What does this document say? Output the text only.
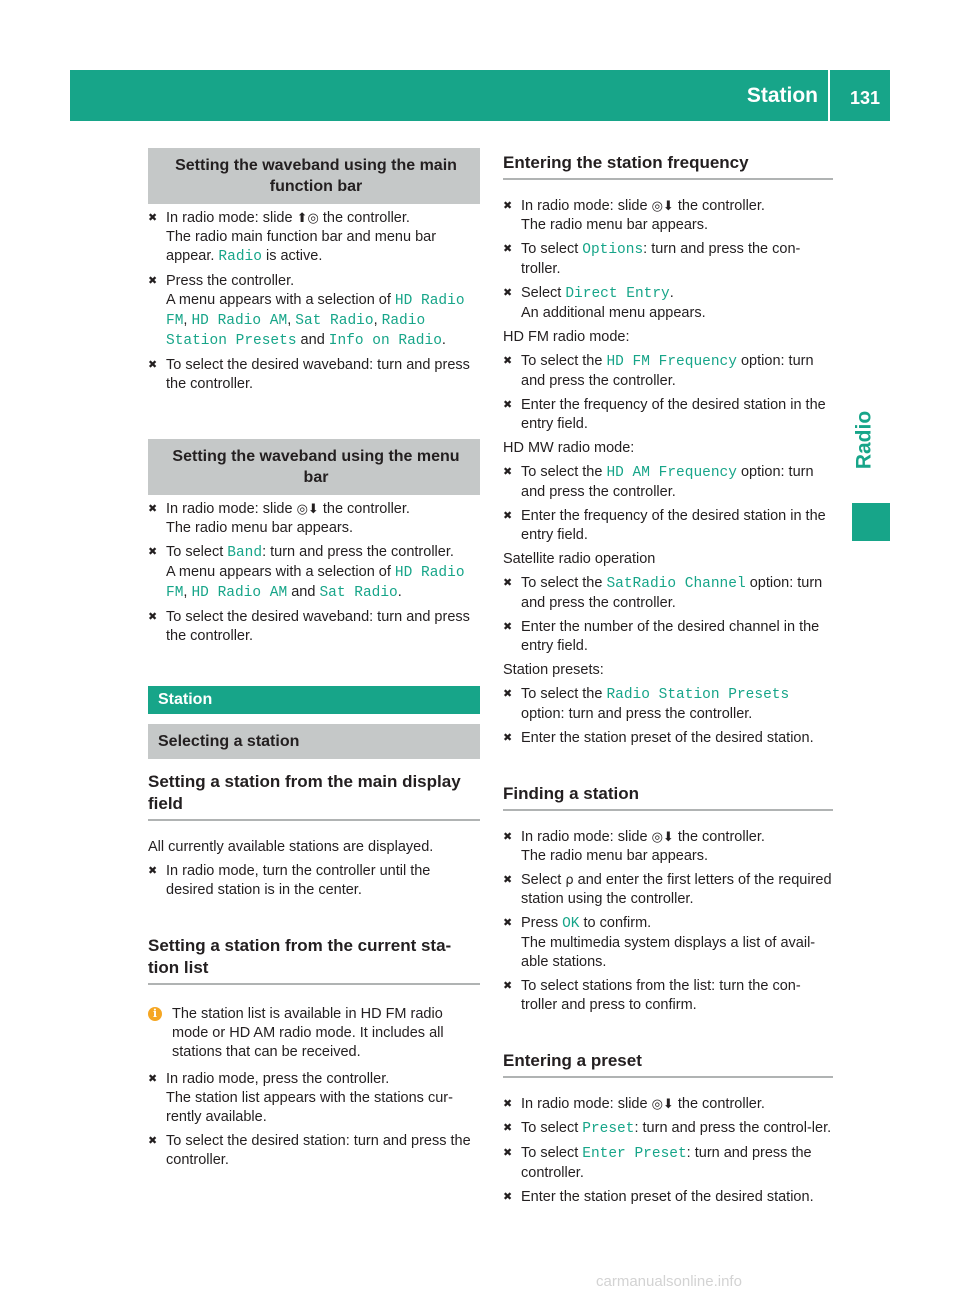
Station 131
Radio
Setting the waveband using the main function bar
✖ In radio mode: slide ⬆◎ the controller.
The radio main function bar and menu bar appear. Radio is active.
✖ Press the controller.
A menu appears with a selection of HD Radio FM, HD Radio AM, Sat Radio, Radio Station Presets and Info on Radio.
✖ To select the desired waveband: turn and press the controller.
Setting the waveband using the menu bar
✖ In radio mode: slide ◎⬇ the controller.
The radio menu bar appears.
✖ To select Band: turn and press the controller.
A menu appears with a selection of HD Radio FM, HD Radio AM and Sat Radio.
✖ To select the desired waveband: turn and press the controller.
Station
Selecting a station
Setting a station from the main display field
All currently available stations are displayed.
✖ In radio mode, turn the controller until the desired station is in the center.
Setting a station from the current sta-tion list
i	The station list is available in HD FM radio mode or HD AM radio mode. It includes all stations that can be received.
✖ In radio mode, press the controller.
The station list appears with the stations cur-rently available.
✖ To select the desired station: turn and press the controller.
Entering the station frequency
✖ In radio mode: slide ◎⬇ the controller.
The radio menu bar appears.
✖ To select Options: turn and press the con-troller.
✖ Select Direct Entry.
An additional menu appears.
HD FM radio mode:
✖ To select the HD FM Frequency option: turn and press the controller.
✖ Enter the frequency of the desired station in the entry field.
HD MW radio mode:
✖ To select the HD AM Frequency option: turn and press the controller.
✖ Enter the frequency of the desired station in the entry field.
Satellite radio operation
✖ To select the SatRadio Channel option: turn and press the controller.
✖ Enter the number of the desired channel in the entry field.
Station presets:
✖ To select the Radio Station Presets option: turn and press the controller.
✖ Enter the station preset of the desired station.
Finding a station
✖ In radio mode: slide ◎⬇ the controller.
The radio menu bar appears.
✖ Select ρ and enter the first letters of the required station using the controller.
✖ Press OK to confirm.
The multimedia system displays a list of avail-able stations.
✖ To select stations from the list: turn the con-troller and press to confirm.
Entering a preset
✖ In radio mode: slide ◎⬇ the controller.
✖ To select Preset: turn and press the control-ler.
✖ To select Enter Preset: turn and press the controller.
✖ Enter the station preset of the desired station.
carmanualsonline.info
